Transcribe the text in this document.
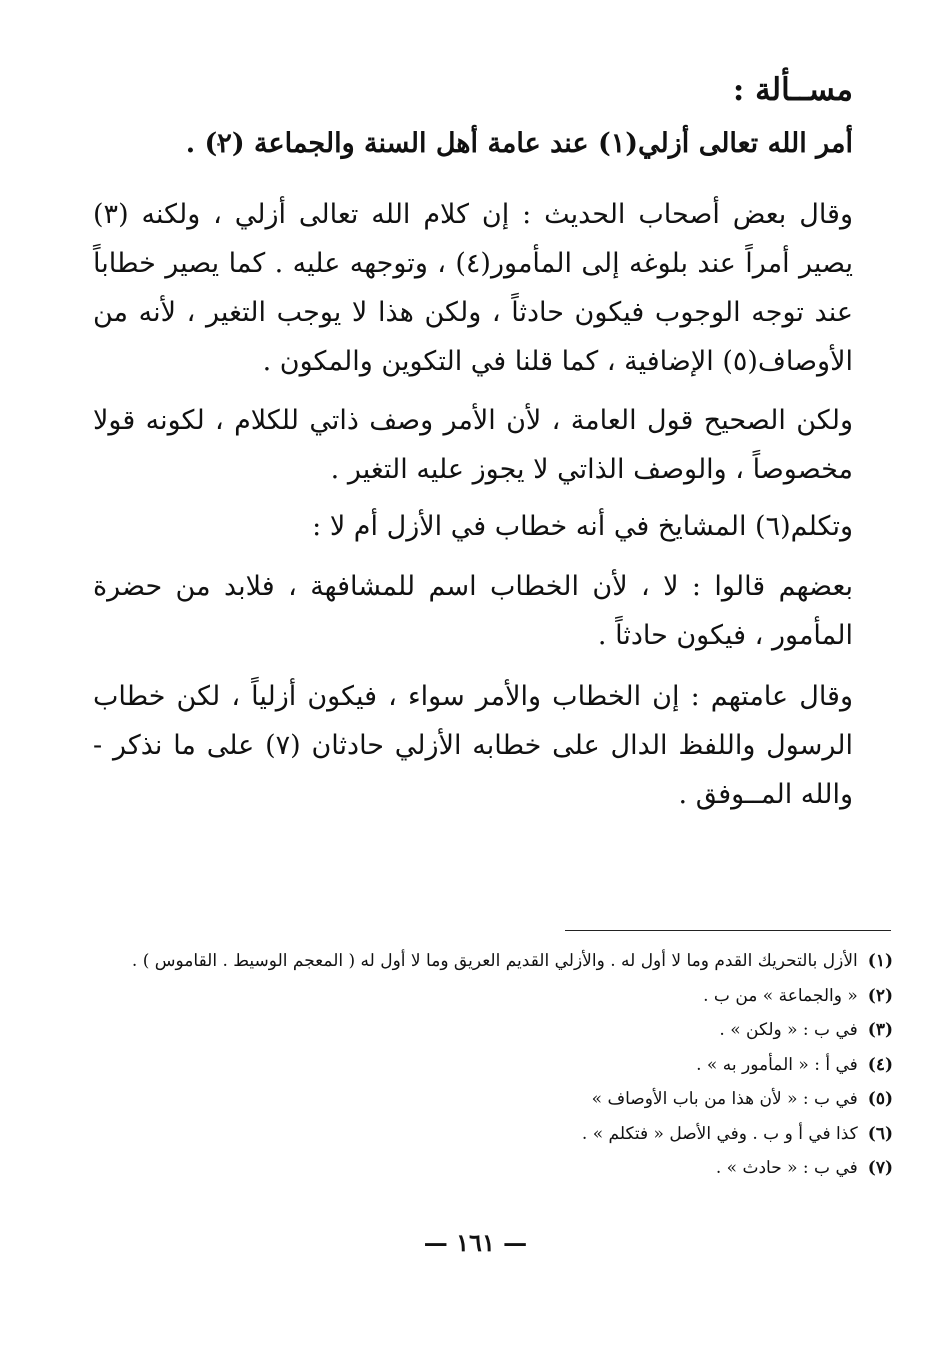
مســألة :
أمر الله تعالى أزلي(١) عند عامة أهل السنة والجماعة (٢) .
وقال بعض أصحاب الحديث : إن كلام الله تعالى أزلي ، ولكنه (٣) يصير أمراً عند بلوغه إلى المأمور(٤) ، وتوجهه عليه . كما يصير خطاباً عند توجه الوجوب فيكون حادثاً ، ولكن هذا لا يوجب التغير ، لأنه من الأوصاف(٥) الإضافية ، كما قلنا في التكوين والمكون .
ولكن الصحيح قول العامة ، لأن الأمر وصف ذاتي للكلام ، لكونه قولا مخصوصاً ، والوصف الذاتي لا يجوز عليه التغير .
وتكلم(٦) المشايخ في أنه خطاب في الأزل أم لا :
بعضهم قالوا : لا ، لأن الخطاب اسم للمشافهة ، فلابد من حضرة المأمور ، فيكون حادثاً .
وقال عامتهم : إن الخطاب والأمر سواء ، فيكون أزلياً ، لكن خطاب الرسول واللفظ الدال على خطابه الأزلي حادثان (٧) على ما نذكر - والله المــوفق .
(١)الأزل بالتحريك القدم وما لا أول له . والأزلي القديم العريق وما لا أول له ( المعجم الوسيط . القاموس ) .
(٢)« والجماعة » من ب .
(٣)في ب : « ولكن » .
(٤)في أ : « المأمور به » .
(٥)في ب : « لأن هذا من باب الأوصاف »
(٦)كذا في أ و ب . وفي الأصل « فتكلم » .
(٧)في ب : « حادث » .
— ١٦١ —
